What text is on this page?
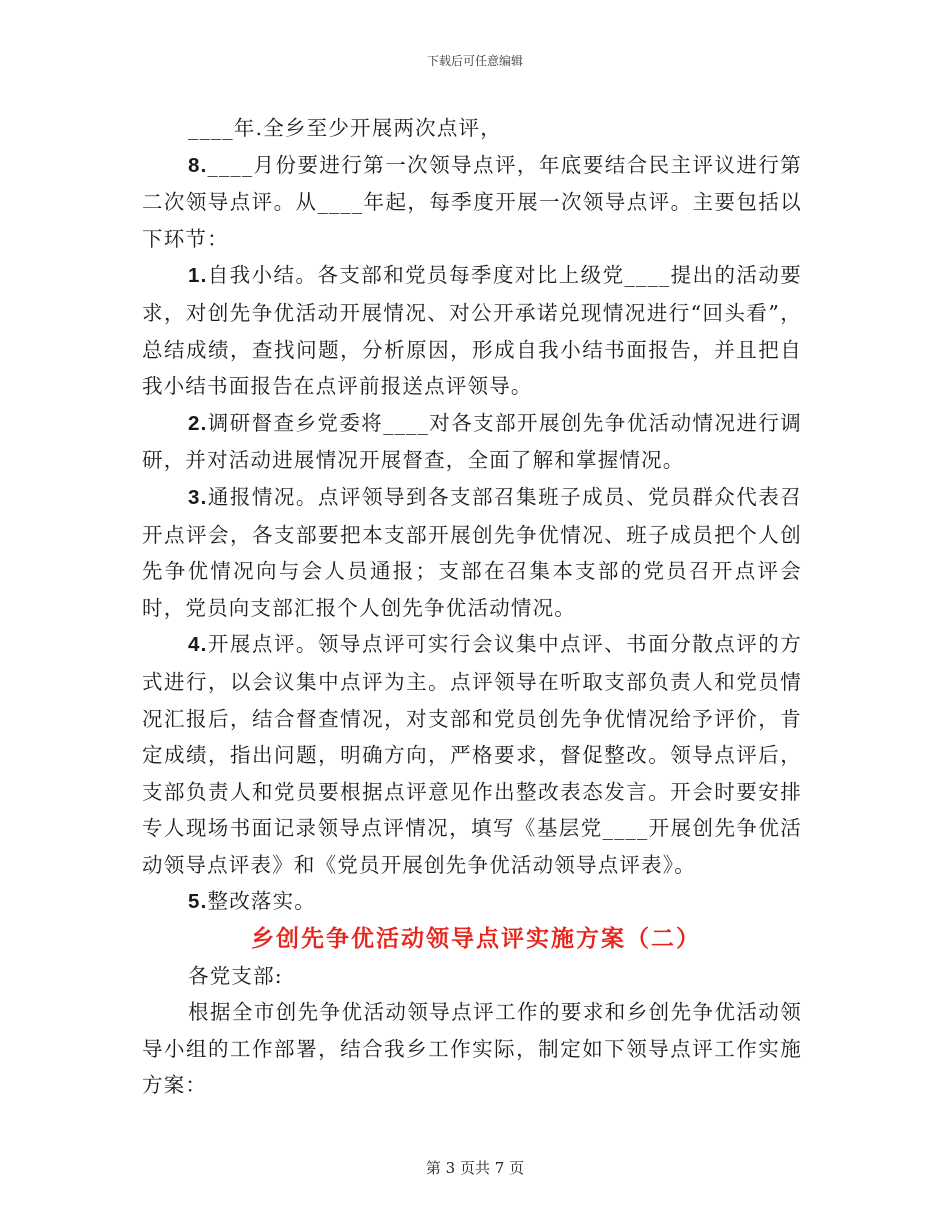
下载后可任意编辑

____年.全乡至少开展两次点评，

8.____月份要进行第一次领导点评，年底要结合民主评议进行第二次领导点评。从____年起，每季度开展一次领导点评。主要包括以下环节：

1.自我小结。各支部和党员每季度对比上级党____提出的活动要求，对创先争优活动开展情况、对公开承诺兑现情况进行“回头看”，总结成绩，查找问题，分析原因，形成自我小结书面报告，并且把自我小结书面报告在点评前报送点评领导。

2.调研督查乡党委将____对各支部开展创先争优活动情况进行调研，并对活动进展情况开展督查，全面了解和掌握情况。

3.通报情况。点评领导到各支部召集班子成员、党员群众代表召开点评会，各支部要把本支部开展创先争优情况、班子成员把个人创先争优情况向与会人员通报；支部在召集本支部的党员召开点评会时，党员向支部汇报个人创先争优活动情况。

4.开展点评。领导点评可实行会议集中点评、书面分散点评的方式进行，以会议集中点评为主。点评领导在听取支部负责人和党员情况汇报后，结合督查情况，对支部和党员创先争优情况给予评价，肯定成绩，指出问题，明确方向，严格要求，督促整改。领导点评后，支部负责人和党员要根据点评意见作出整改表态发言。开会时要安排专人现场书面记录领导点评情况，填写《基层党____开展创先争优活动领导点评表》和《党员开展创先争优活动领导点评表》。

5.整改落实。

乡创先争优活动领导点评实施方案（二）

各党支部:

根据全市创先争优活动领导点评工作的要求和乡创先争优活动领导小组的工作部署，结合我乡工作实际，制定如下领导点评工作实施方案：

第 3 页共 7 页
